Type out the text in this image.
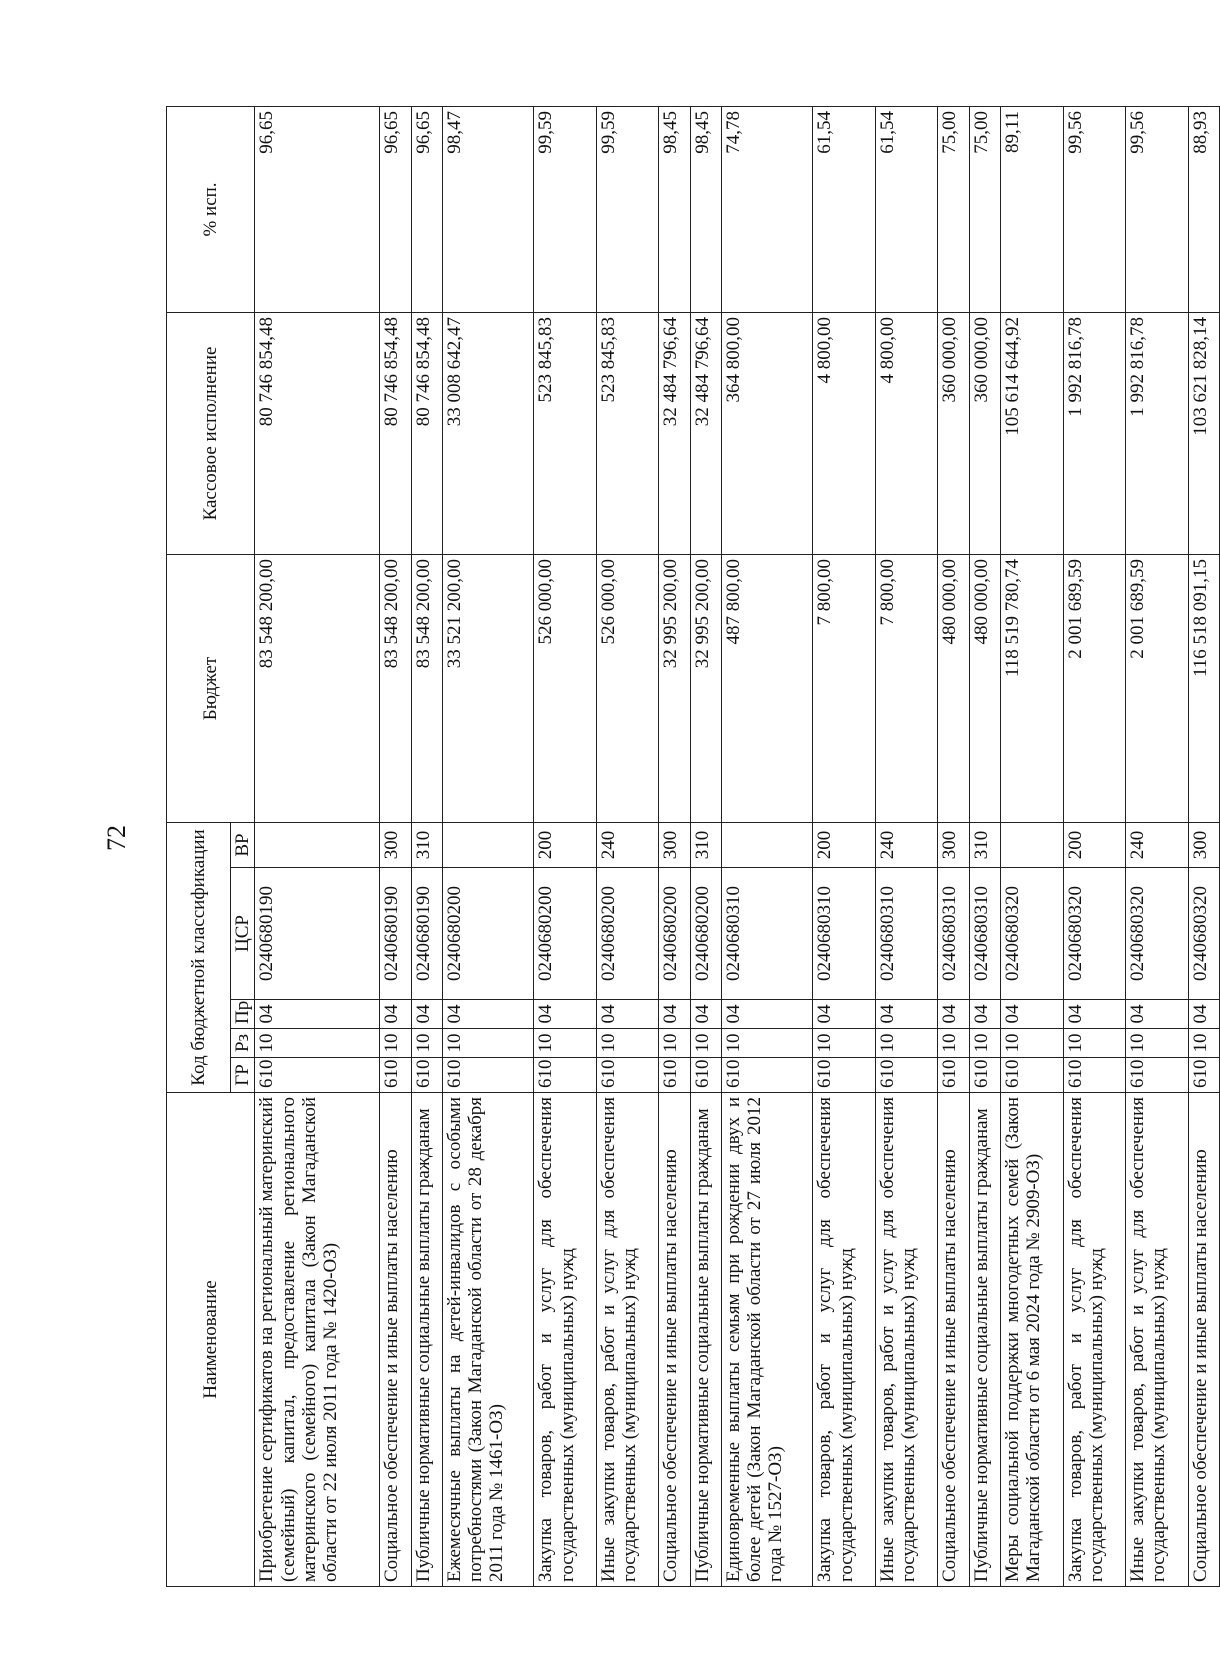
72
Наименование	Код бюджетной классификации					Бюджет	Кассовое исполнение	% исп.
	ГР	Рз	Пр	ЦСР	ВР			
Приобретение сертификатов на региональный материнский (семейный) капитал, предоставление регионального материнского (семейного) капитала (Закон Магаданской области от 22 июля 2011 года № 1420-ОЗ)	610	10	04	0240680190		83 548 200,00	80 746 854,48	96,65
Социальное обеспечение и иные выплаты населению	610	10	04	0240680190	300	83 548 200,00	80 746 854,48	96,65
Публичные нормативные социальные выплаты гражданам	610	10	04	0240680190	310	83 548 200,00	80 746 854,48	96,65
Ежемесячные выплаты на детей-инвалидов с особыми потребностями (Закон Магаданской области от 28 декабря 2011 года № 1461-ОЗ)	610	10	04	0240680200		33 521 200,00	33 008 642,47	98,47
Закупка товаров, работ и услуг для обеспечения государственных (муниципальных) нужд	610	10	04	0240680200	200	526 000,00	523 845,83	99,59
Иные закупки товаров, работ и услуг для обеспечения государственных (муниципальных) нужд	610	10	04	0240680200	240	526 000,00	523 845,83	99,59
Социальное обеспечение и иные выплаты населению	610	10	04	0240680200	300	32 995 200,00	32 484 796,64	98,45
Публичные нормативные социальные выплаты гражданам	610	10	04	0240680200	310	32 995 200,00	32 484 796,64	98,45
Единовременные выплаты семьям при рождении двух и более детей (Закон Магаданской области от 27 июля 2012 года № 1527-ОЗ)	610	10	04	0240680310		487 800,00	364 800,00	74,78
Закупка товаров, работ и услуг для обеспечения государственных (муниципальных) нужд	610	10	04	0240680310	200	7 800,00	4 800,00	61,54
Иные закупки товаров, работ и услуг для обеспечения государственных (муниципальных) нужд	610	10	04	0240680310	240	7 800,00	4 800,00	61,54
Социальное обеспечение и иные выплаты населению	610	10	04	0240680310	300	480 000,00	360 000,00	75,00
Публичные нормативные социальные выплаты гражданам	610	10	04	0240680310	310	480 000,00	360 000,00	75,00
Меры социальной поддержки многодетных семей (Закон Магаданской области от 6 мая 2024 года № 2909-ОЗ)	610	10	04	0240680320		118 519 780,74	105 614 644,92	89,11
Закупка товаров, работ и услуг для обеспечения государственных (муниципальных) нужд	610	10	04	0240680320	200	2 001 689,59	1 992 816,78	99,56
Иные закупки товаров, работ и услуг для обеспечения государственных (муниципальных) нужд	610	10	04	0240680320	240	2 001 689,59	1 992 816,78	99,56
Социальное обеспечение и иные выплаты населению	610	10	04	0240680320	300	116 518 091,15	103 621 828,14	88,93
